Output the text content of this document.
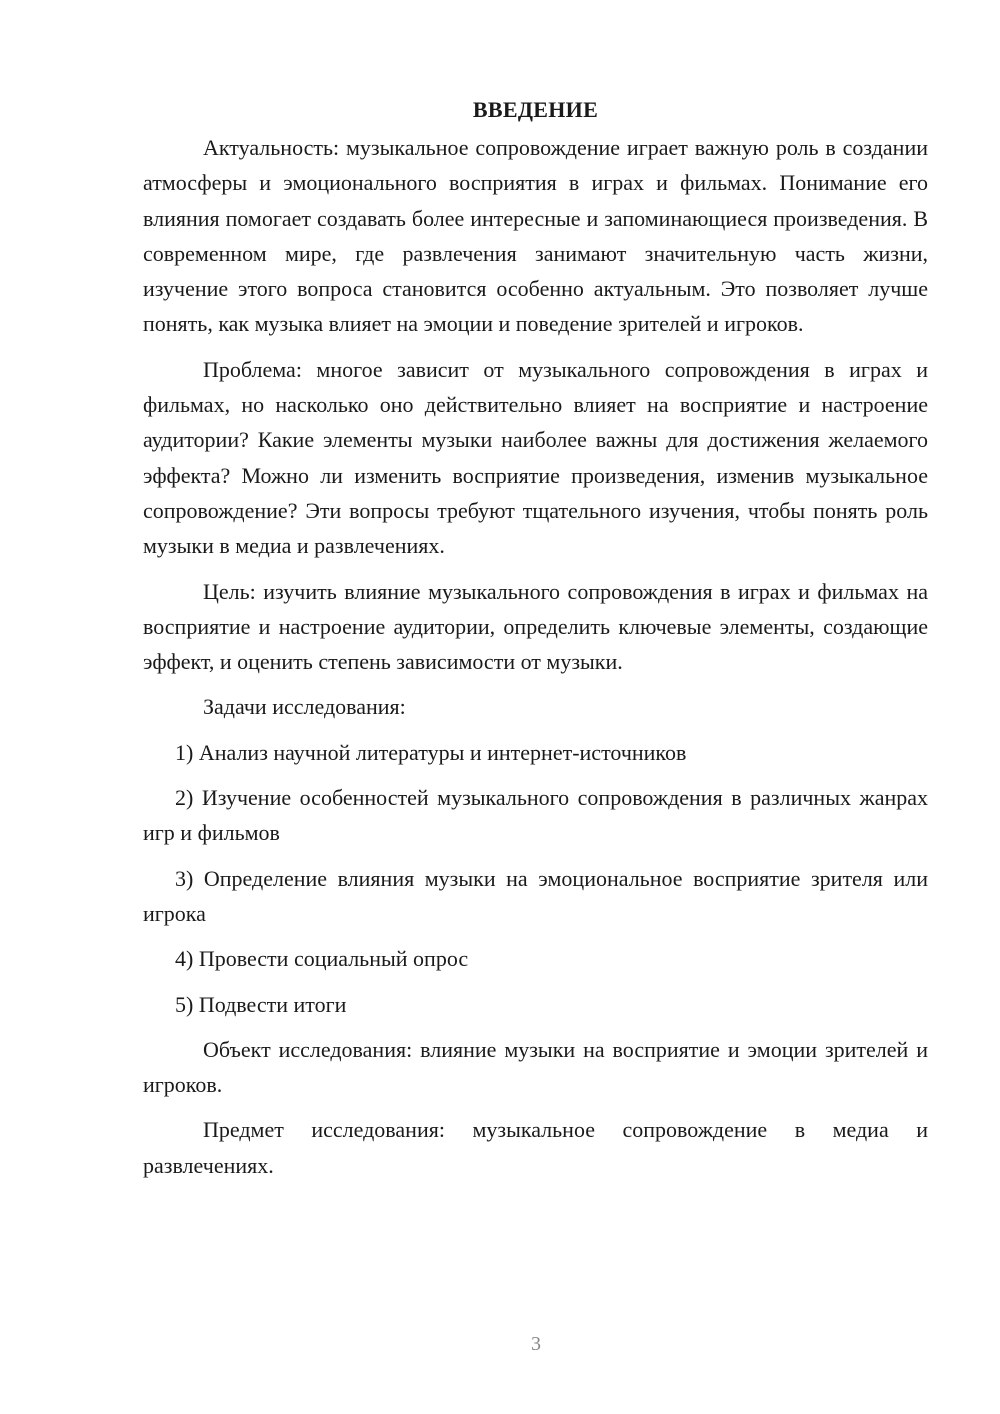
ВВЕДЕНИЕ

Актуальность: музыкальное сопровождение играет важную роль в создании атмосферы и эмоционального восприятия в играх и фильмах. Понимание его влияния помогает создавать более интересные и запоминающиеся произведения. В современном мире, где развлечения занимают значительную часть жизни, изучение этого вопроса становится особенно актуальным. Это позволяет лучше понять, как музыка влияет на эмоции и поведение зрителей и игроков.

Проблема: многое зависит от музыкального сопровождения в играх и фильмах, но насколько оно действительно влияет на восприятие и настроение аудитории? Какие элементы музыки наиболее важны для достижения желаемого эффекта? Можно ли изменить восприятие произведения, изменив музыкальное сопровождение? Эти вопросы требуют тщательного изучения, чтобы понять роль музыки в медиа и развлечениях.

Цель: изучить влияние музыкального сопровождения в играх и фильмах на восприятие и настроение аудитории, определить ключевые элементы, создающие эффект, и оценить степень зависимости от музыки.

Задачи исследования:

1) Анализ научной литературы и интернет-источников

2) Изучение особенностей музыкального сопровождения в различных жанрах игр и фильмов

3) Определение влияния музыки на эмоциональное восприятие зрителя или игрока

4) Провести социальный опрос

5) Подвести итоги

Объект исследования: влияние музыки на восприятие и эмоции зрителей и игроков.

Предмет исследования: музыкальное сопровождение в медиа и развлечениях.

3
